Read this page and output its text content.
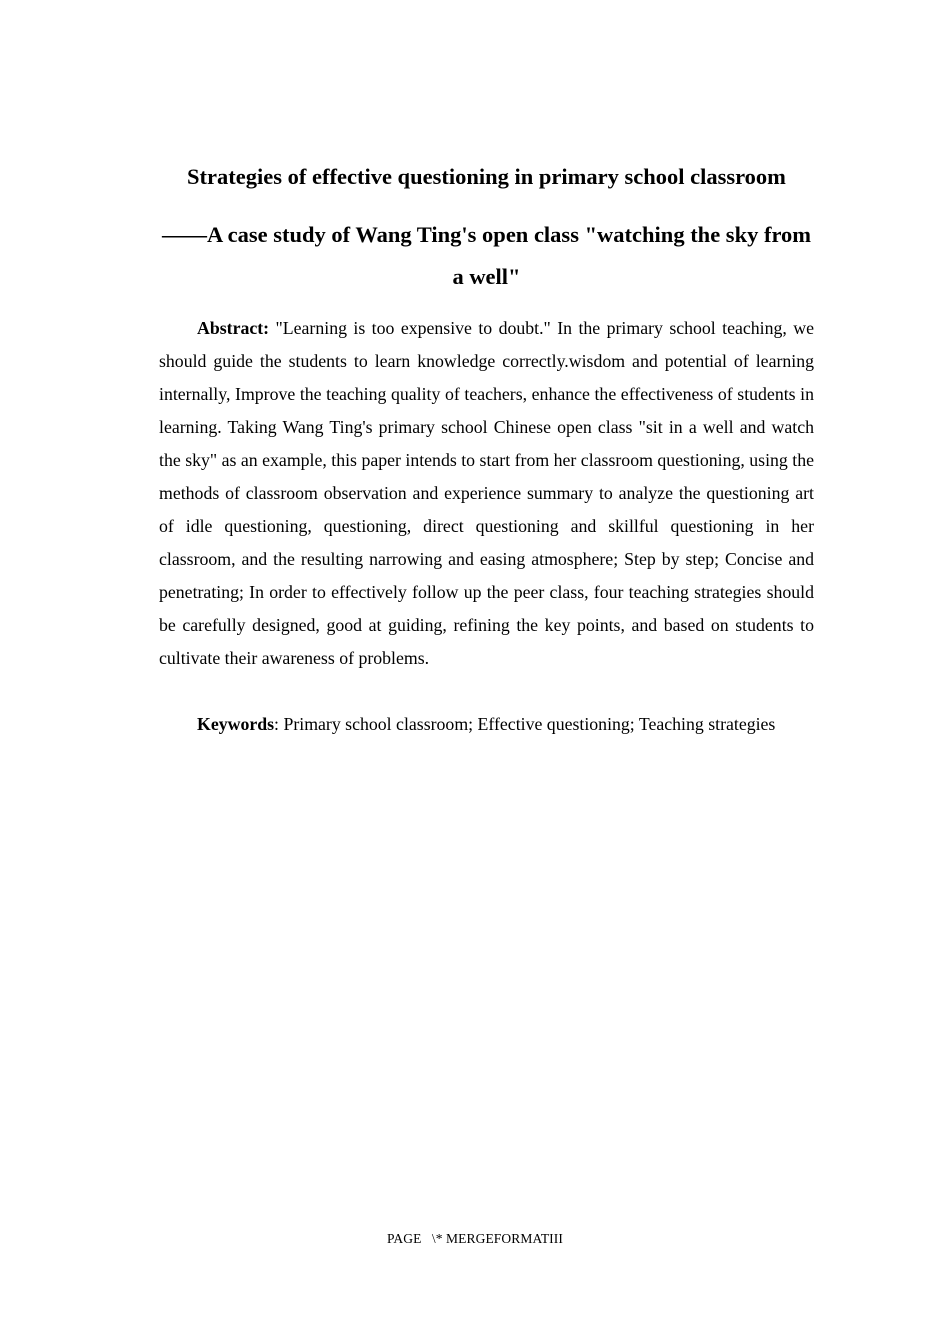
Strategies of effective questioning in primary school classroom
——A case study of Wang Ting's open class "watching the sky from a well"

Abstract: "Learning is too expensive to doubt." In the primary school teaching, we should guide the students to learn knowledge correctly.wisdom and potential of learning internally, Improve the teaching quality of teachers, enhance the effectiveness of students in learning. Taking Wang Ting's primary school Chinese open class "sit in a well and watch the sky" as an example, this paper intends to start from her classroom questioning, using the methods of classroom observation and experience summary to analyze the questioning art of idle questioning, questioning, direct questioning and skillful questioning in her classroom, and the resulting narrowing and easing atmosphere; Step by step; Concise and penetrating; In order to effectively follow up the peer class, four teaching strategies should be carefully designed, good at guiding, refining the key points, and based on students to cultivate their awareness of problems.

Keywords: Primary school classroom; Effective questioning; Teaching strategies

PAGE   \* MERGEFORMATIII
